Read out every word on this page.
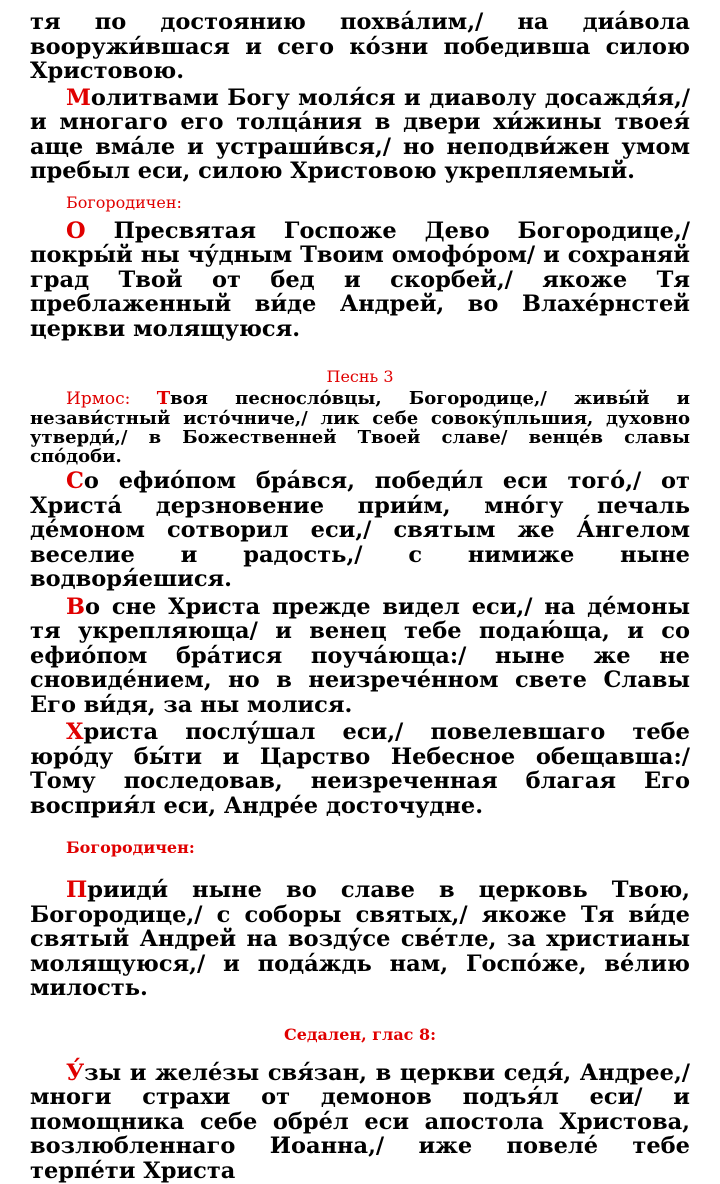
тя по достоянию похва́лим,/ на диа́вола вооружи́вшася и сего ко́зни победивша силою Христовою.

Молитвами Богу моля́ся и диаволу досаждя́я,/ и многаго его толца́ния в двери хи́жины твоея́ аще вма́ле и устраши́вся,/ но неподви́жен умом пребыл еси, силою Христовою укрепляемый.

Богородичен:

О Пресвятая Госпоже Дево Богородице,/ покры́й ны чу́дным Твоим омофо́ром/ и сохраняй град Твой от бед и скорбей,/ якоже Тя преблаженный ви́де Андрей, во Влахе́рнстей церкви молящуюся.

Песнь 3

Ирмос: Твоя песносло́вцы, Богородице,/ живы́й и незави́стный исто́чниче,/ лик себе совоку́пльшия, духовно утверди́,/ в Божественней Твоей славе/ венце́в славы спо́доби.

Со ефио́пом бра́вся, победи́л еси того́,/ от Христа́ дерзновение прии́м, мно́гу печаль де́моном сотворил еси,/ святым же А́нгелом веселие и радость,/ с нимиже ныне водворя́ешися.

Во сне Христа прежде видел еси,/ на де́моны тя укрепляюща/ и венец тебе подаю́ща, и со ефио́пом бра́тися поуча́юща:/ ныне же не сновиде́нием, но в неизрече́нном свете Славы Его ви́дя, за ны молися.

Христа послу́шал еси,/ повелевшаго тебе юро́ду бы́ти и Царство Небесное обещавша:/ Тому последовав, неизреченная благая Его восприя́л еси, Андре́е досточудне.

Богородичен:

Прииди́ ныне во славе в церковь Твою, Богородице,/ с соборы святых,/ якоже Тя ви́де святый Андрей на возду́се све́тле, за христианы молящуюся,/ и пода́ждь нам, Госпо́же, ве́лию милость.

Седален, глас 8:

У́зы и желе́зы свя́зан, в церкви седя́, Андрее,/ многи страхи от демонов подъя́л еси/ и помощника себе обре́л еси апостола Христова, возлюбленнаго Иоанна,/ иже повеле́ тебе терпе́ти Христа
